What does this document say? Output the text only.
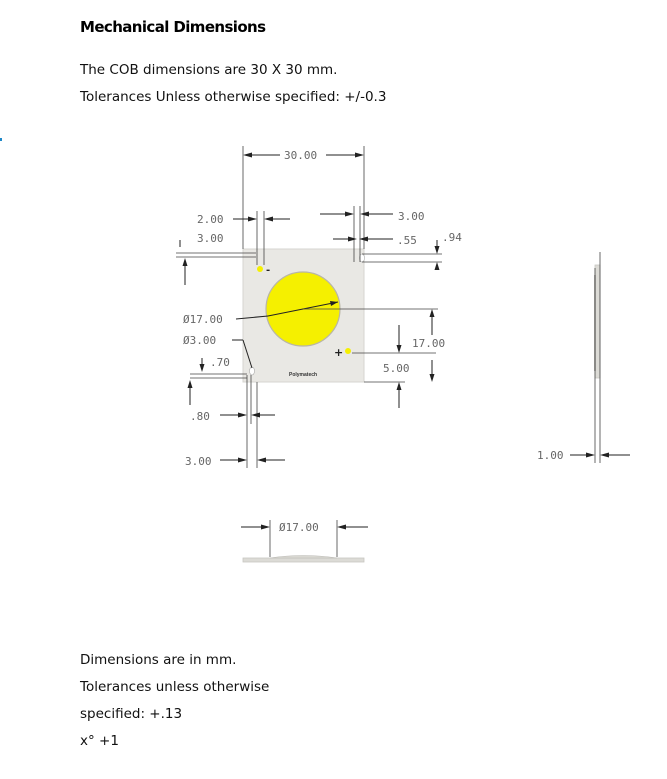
Mechanical Dimensions
The COB dimensions are 30 X 30 mm.
Tolerances Unless otherwise specified: +/-0.3
-
+
Polymatech
30.00
2.00
3.00
3.00
.55 .94
Ø17.00
Ø3.00
.70
.80
3.00
17.00
5.00
1.00
Ø17.00
Dimensions are in mm.
Tolerances unless otherwise
specified: +.13
x° +1
